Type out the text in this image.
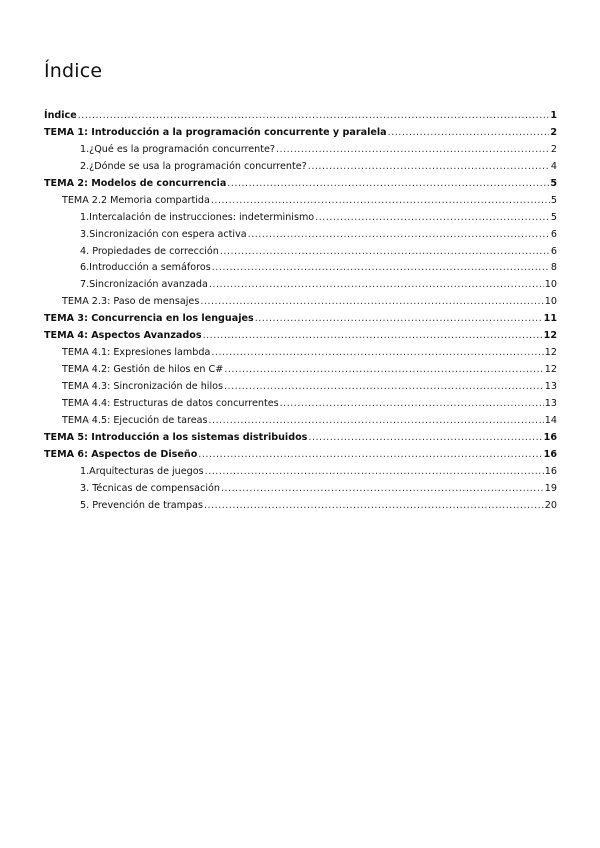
Índice
Índice .....	1
TEMA 1: Introducción a la programación concurrente y paralela .....	2
1.¿Qué es la programación concurrente? .....	2
2.¿Dónde se usa la programación concurrente? .....	4
TEMA 2: Modelos de concurrencia .....	5
TEMA 2.2 Memoria compartida .....	5
1.Intercalación de instrucciones: indeterminismo .....	5
3.Sincronización con espera activa .....	6
4. Propiedades de corrección .....	6
6.Introducción a semáforos .....	8
7.Sincronización avanzada .....	10
TEMA 2.3: Paso de mensajes .....	10
TEMA 3: Concurrencia en los lenguajes .....	11
TEMA 4: Aspectos Avanzados .....	12
TEMA 4.1: Expresiones lambda .....	12
TEMA 4.2: Gestión de hilos en C# .....	12
TEMA 4.3: Sincronización de hilos .....	13
TEMA 4.4: Estructuras de datos concurrentes .....	13
TEMA 4.5: Ejecución de tareas .....	14
TEMA 5: Introducción a los sistemas distribuidos .....	16
TEMA 6: Aspectos de Diseño .....	16
1.Arquitecturas de juegos .....	16
3. Técnicas de compensación .....	19
5. Prevención de trampas .....	20
